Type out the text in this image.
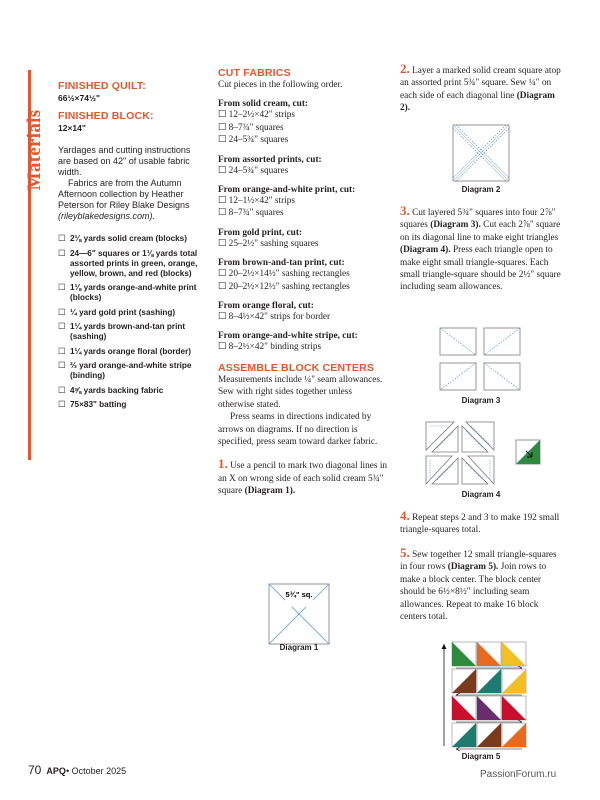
Materials
FINISHED QUILT:
66½×74½"
FINISHED BLOCK:
12×14"
Yardages and cutting instructions are based on 42" of usable fabric width.
Fabrics are from the Autumn Afternoon collection by Heather Peterson for Riley Blake Designs (rileyblakedesigns.com).
☐ 2⅛ yards solid cream (blocks)
☐ 24—6" squares or 1⅛ yards total assorted prints in green, orange, yellow, brown, and red (blocks)
☐ 1⅛ yards orange-and-white print (blocks)
☐ ¼ yard gold print (sashing)
☐ 1¼ yards brown-and-tan print (sashing)
☐ 1¼ yards orange floral (border)
☐ ⅔ yard orange-and-white stripe (binding)
☐ 4⅝ yards backing fabric
☐ 75×83" batting
CUT FABRICS
Cut pieces in the following order.
From solid cream, cut:
☐ 12–2½×42" strips
☐ 8–7¾" squares
☐ 24–5¾" squares
From assorted prints, cut:
☐ 24–5¾" squares
From orange-and-white print, cut:
☐ 12–1½×42" strips
☐ 8–7¾" squares
From gold print, cut:
☐ 25–2½" sashing squares
From brown-and-tan print, cut:
☐ 20–2½×14½" sashing rectangles
☐ 20–2½×12½" sashing rectangles
From orange floral, cut:
☐ 8–4½×42" strips for border
From orange-and-white stripe, cut:
☐ 8–2½×42" binding strips
ASSEMBLE BLOCK CENTERS
Measurements include ¼" seam allowances. Sew with right sides together unless otherwise stated.
Press seams in directions indicated by arrows on diagrams. If no direction is specified, press seam toward darker fabric.
1. Use a pencil to mark two diagonal lines in an X on wrong side of each solid cream 5¾" square (Diagram 1).
5¾" sq.
Diagram 1
2. Layer a marked solid cream square atop an assorted print 5¾" square. Sew ¼" on each side of each diagonal line (Diagram 2).
Diagram 2
3. Cut layered 5¾" squares into four 2⅞" squares (Diagram 3). Cut each 2⅞" square on its diagonal line to make eight triangles (Diagram 4). Press each triangle open to make eight small triangle-squares. Each small triangle-square should be 2½" square including seam allowances.
Diagram 3
Diagram 4
4. Repeat steps 2 and 3 to make 192 small triangle-squares total.
5. Sew together 12 small triangle-squares in four rows (Diagram 5). Join rows to make a block center. The block center should be 6½×8½" including seam allowances. Repeat to make 16 block centers total.
Diagram 5
70 APQ• October 2025	PassionForum.ru
